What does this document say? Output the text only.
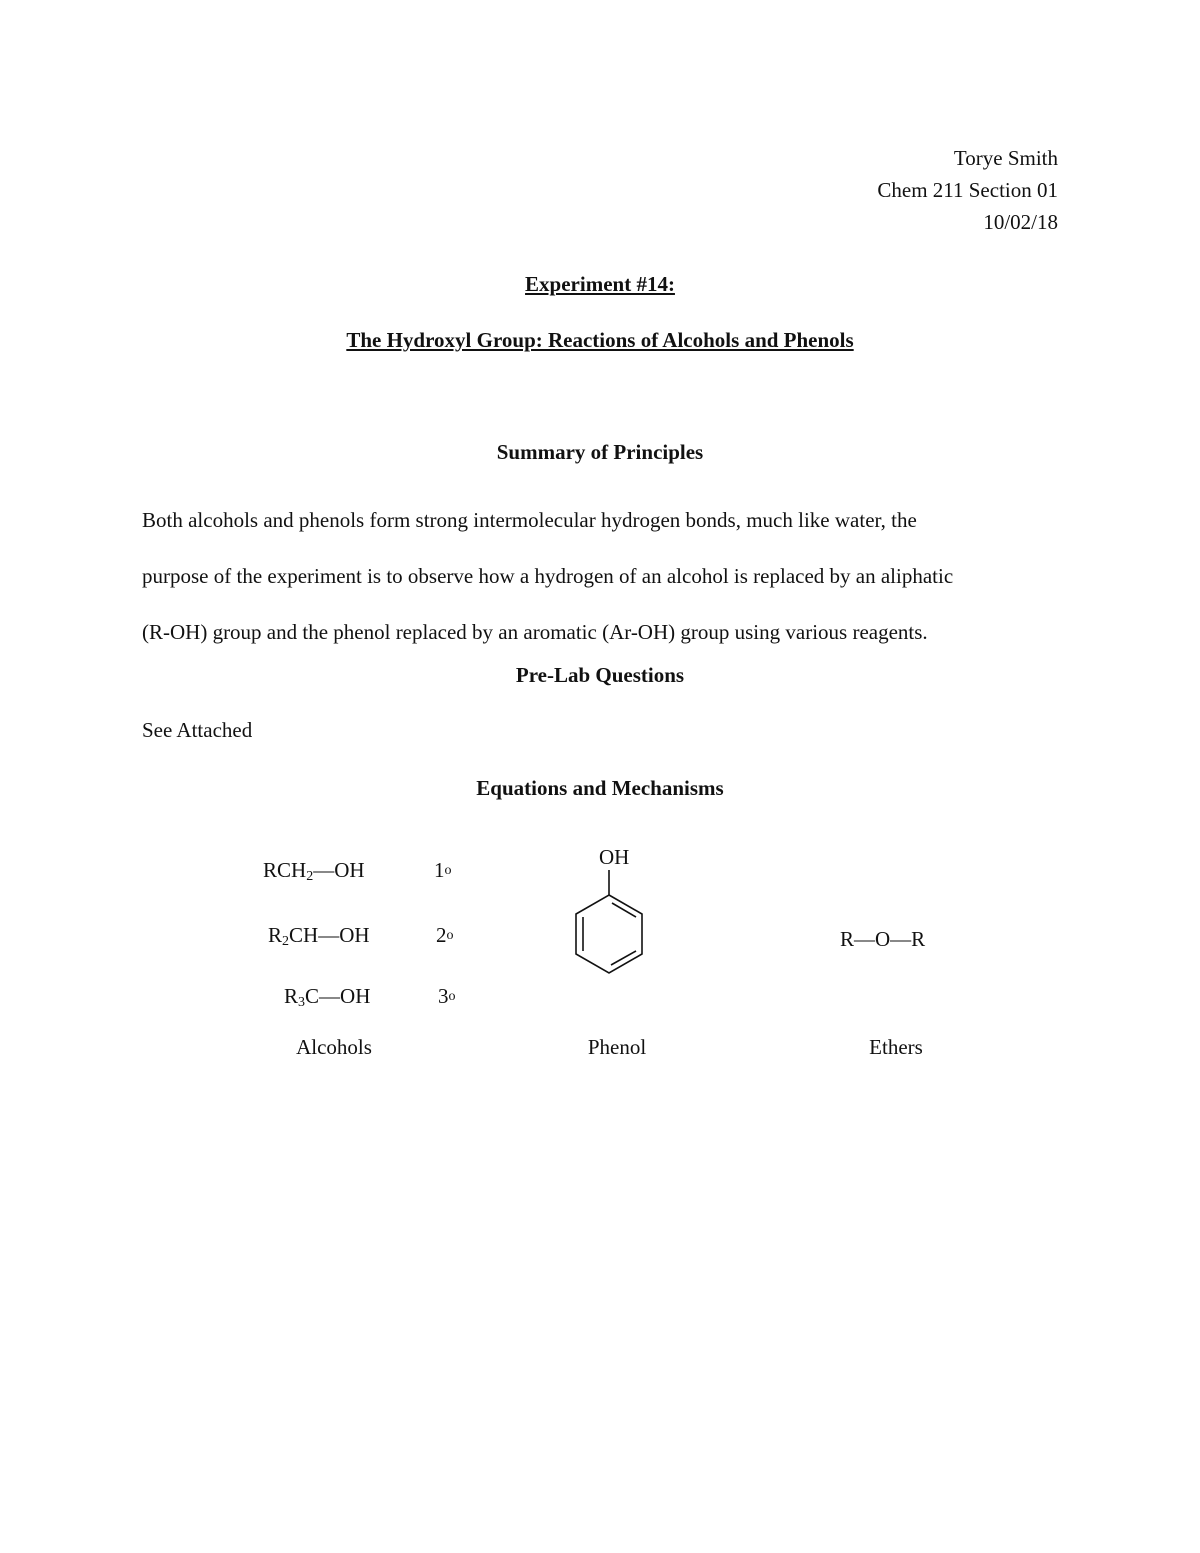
Torye Smith
Chem 211 Section 01
10/02/18
Experiment #14:
The Hydroxyl Group: Reactions of Alcohols and Phenols
Summary of Principles
Both alcohols and phenols form strong intermolecular hydrogen bonds, much like water, the
purpose of the experiment is to observe how a hydrogen of an alcohol is replaced by an aliphatic
(R-OH) group and the phenol replaced by an aromatic (Ar-OH) group using various reagents.
Pre-Lab Questions
See Attached
Equations and Mechanisms
$RCH_2—OH$	1$^o$
$R_2CH—OH$	2$^o$
$R_3C—OH$	3$^o$
Alcohols
OH
Phenol
R—O—R
Ethers
